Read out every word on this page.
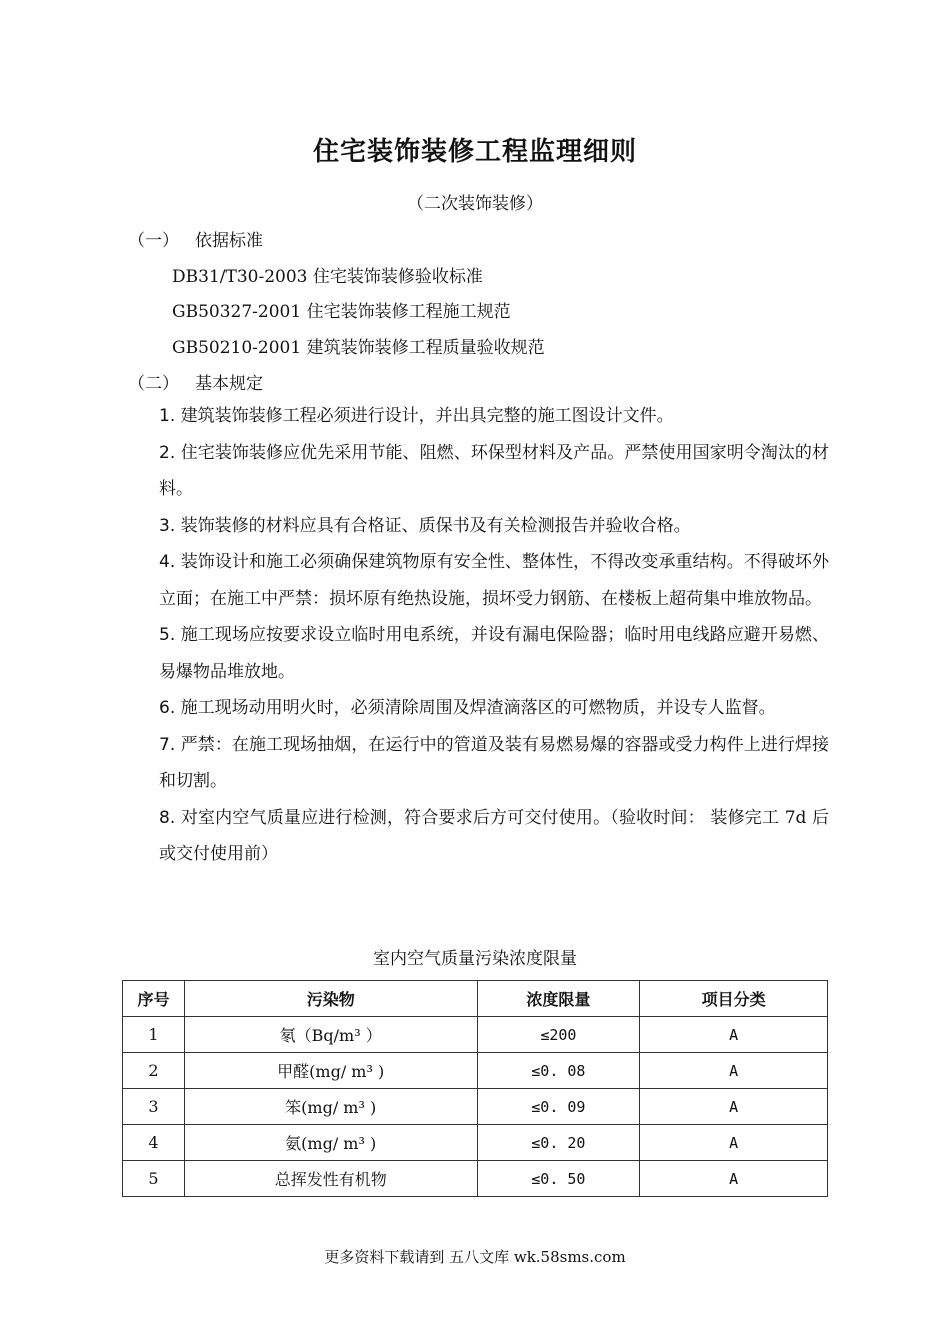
住宅装饰装修工程监理细则
（二次装饰装修）
（一） 依据标准
DB31/T30-2003 住宅装饰装修验收标准
GB50327-2001 住宅装饰装修工程施工规范
GB50210-2001 建筑装饰装修工程质量验收规范
（二） 基本规定
1. 建筑装饰装修工程必须进行设计，并出具完整的施工图设计文件。
2. 住宅装饰装修应优先采用节能、阻燃、环保型材料及产品。严禁使用国家明令淘汰的材料。
3. 装饰装修的材料应具有合格证、质保书及有关检测报告并验收合格。
4. 装饰设计和施工必须确保建筑物原有安全性、整体性，不得改变承重结构。不得破坏外立面；在施工中严禁：损坏原有绝热设施，损坏受力钢筋、在楼板上超荷集中堆放物品。
5. 施工现场应按要求设立临时用电系统，并设有漏电保险器；临时用电线路应避开易燃、易爆物品堆放地。
6. 施工现场动用明火时，必须清除周围及焊渣滴落区的可燃物质，并设专人监督。
7. 严禁：在施工现场抽烟，在运行中的管道及装有易燃易爆的容器或受力构件上进行焊接和切割。
8. 对室内空气质量应进行检测，符合要求后方可交付使用。（验收时间： 装修完工 7d 后或交付使用前）
室内空气质量污染浓度限量
序号	污染物	浓度限量	项目分类
1	氡（Bq/m³ ）	≤200	A
2	甲醛(mg/ m³ )	≤0. 08	A
3	笨(mg/ m³ )	≤0. 09	A
4	氨(mg/ m³ )	≤0. 20	A
5	总挥发性有机物	≤0. 50	A
更多资料下载请到 五八文库 wk.58sms.com
